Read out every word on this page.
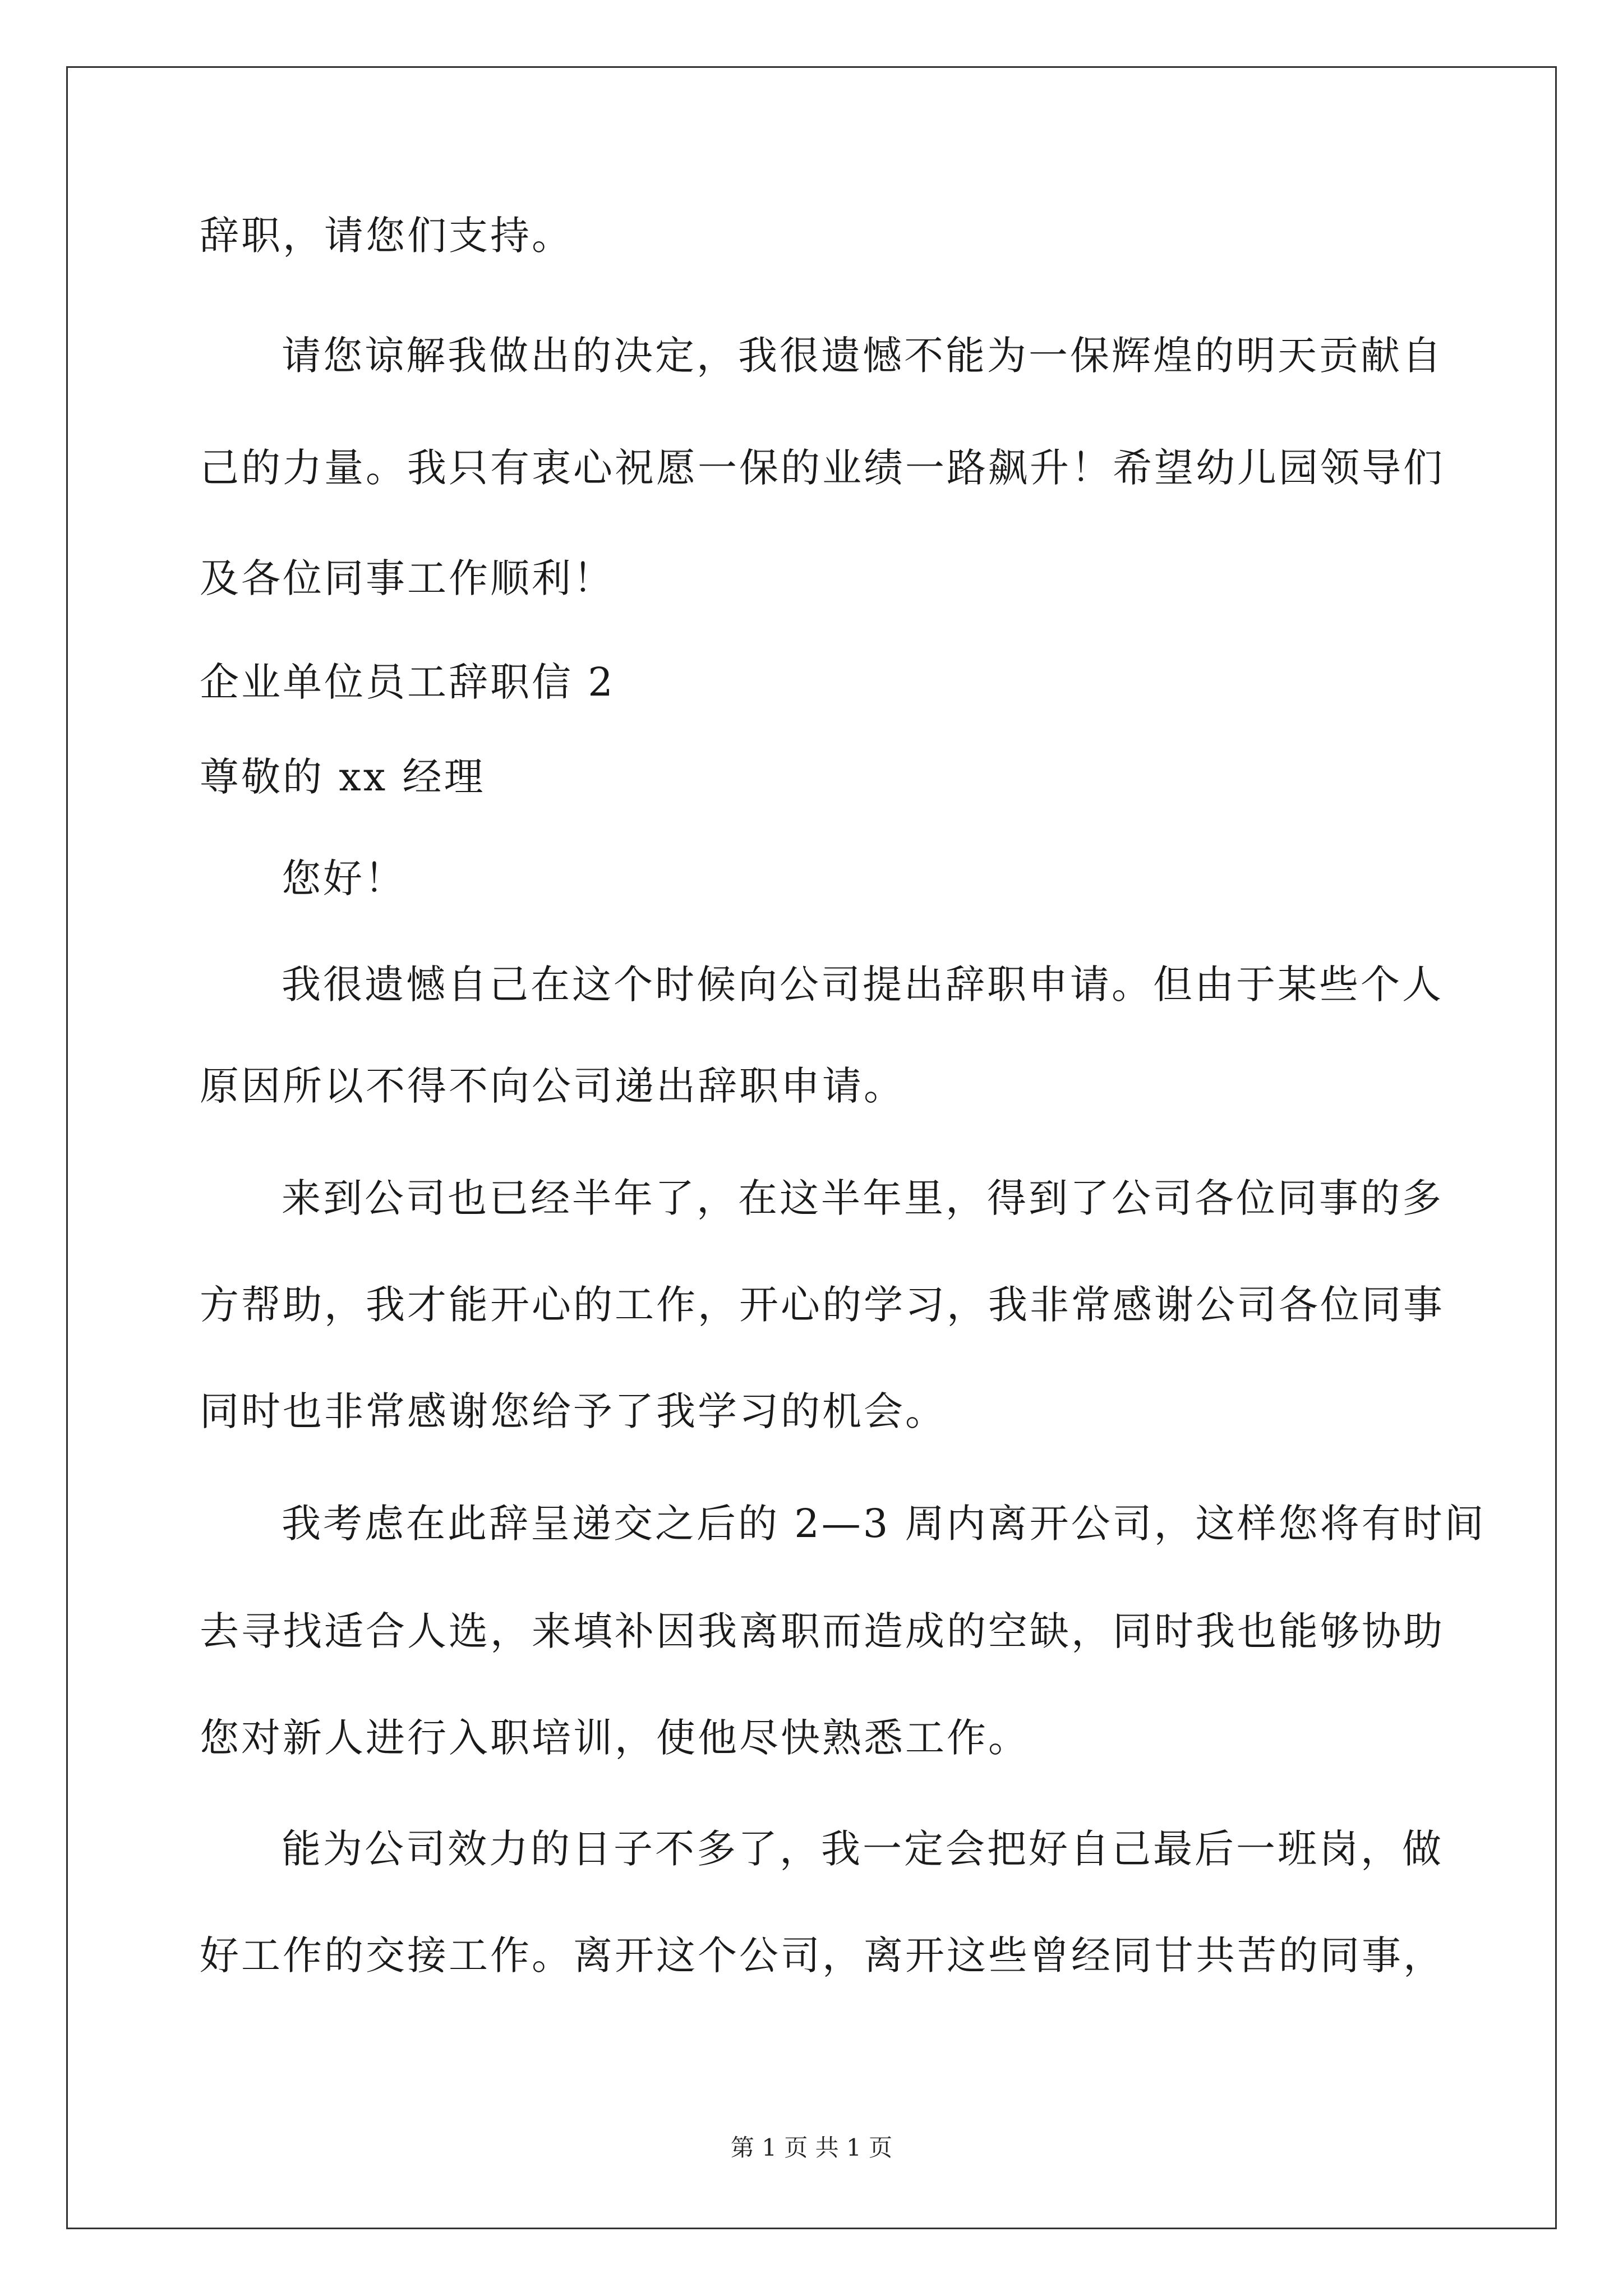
辞职，请您们支持。
请您谅解我做出的决定，我很遗憾不能为一保辉煌的明天贡献自
己的力量。我只有衷心祝愿一保的业绩一路飙升！希望幼儿园领导们
及各位同事工作顺利！
企业单位员工辞职信 2
尊敬的 xx 经理
您好！
我很遗憾自己在这个时候向公司提出辞职申请。但由于某些个人
原因所以不得不向公司递出辞职申请。
来到公司也已经半年了，在这半年里，得到了公司各位同事的多
方帮助，我才能开心的工作，开心的学习，我非常感谢公司各位同事
同时也非常感谢您给予了我学习的机会。
我考虑在此辞呈递交之后的 2—3 周内离开公司，这样您将有时间
去寻找适合人选，来填补因我离职而造成的空缺，同时我也能够协助
您对新人进行入职培训，使他尽快熟悉工作。
能为公司效力的日子不多了，我一定会把好自己最后一班岗，做
好工作的交接工作。离开这个公司，离开这些曾经同甘共苦的同事，
第 1 页 共 1 页
